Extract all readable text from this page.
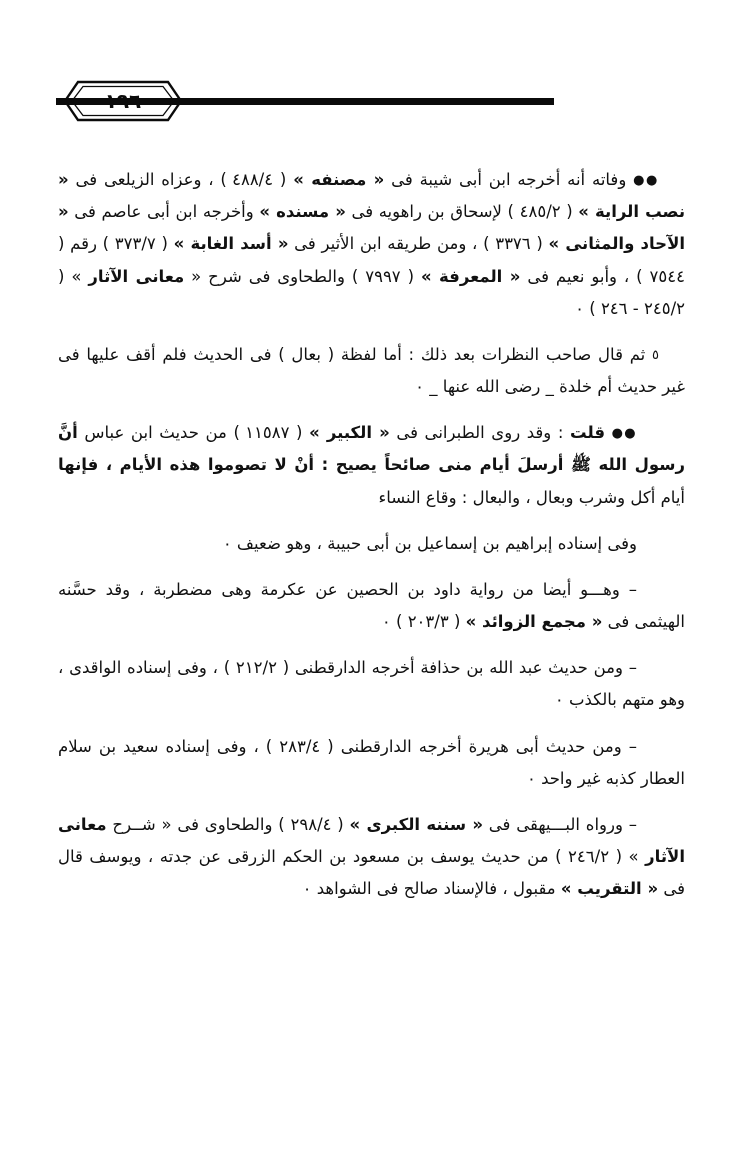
١٩٦

●● وفاته أنه أخرجه ابن أبى شيبة فى « مصنفه » ( ٤٨٨/٤ ) ، وعزاه الزيلعى فى « نصب الراية » ( ٤٨٥/٢ ) لإسحاق بن راهويه فى « مسنده » وأخرجه ابن أبى عاصم فى « الآحاد والمثانى » ( ٣٣٧٦ ) ، ومن طريقه ابن الأثير فى « أسد الغابة » ( ٣٧٣/٧ ) رقم ( ٧٥٤٤ ) ، وأبو نعيم فى « المعرفة » ( ٧٩٩٧ ) والطحاوى فى شرح « معانى الآثار » ( ٢٤٥/٢ - ٢٤٦ ) ٠

٥ ثم قال صاحب النظرات بعد ذلك : أما لفظة ( بعال ) فى الحديث فلم أقف عليها فى غير حديث أم خلدة _ رضى الله عنها _ ٠

●● قلت : وقد روى الطبرانى فى « الكبير » ( ١١٥٨٧ ) من حديث ابن عباس أنَّ رسول الله ﷺ أرسلَ أيام منى صائحاً يصيح : أنْ لا تصوموا هذه الأيام ، فإنها أيام أكل وشرب وبعال ، والبعال : وقاع النساء

وفى إسناده إبراهيم بن إسماعيل بن أبى حبيبة ، وهو ضعيف ٠

– وهـــو أيضا من رواية داود بن الحصين عن عكرمة وهى مضطربة ، وقد حسَّنه الهيثمى فى « مجمع الزوائد » ( ٢٠٣/٣ ) ٠

– ومن حديث عبد الله بن حذافة أخرجه الدارقطنى ( ٢١٢/٢ ) ، وفى إسناده الواقدى ، وهو متهم بالكذب ٠

– ومن حديث أبى هريرة أخرجه الدارقطنى ( ٢٨٣/٤ ) ، وفى إسناده سعيد بن سلام العطار كذبه غير واحد ٠

– ورواه البـــيهقى فى « سننه الكبرى » ( ٢٩٨/٤ ) والطحاوى فى « شــرح معانى الآثار » ( ٢٤٦/٢ ) من حديث يوسف بن مسعود بن الحكم الزرقى عن جدته ، ويوسف قال فى « التقريب » مقبول ، فالإسناد صالح فى الشواهد ٠
